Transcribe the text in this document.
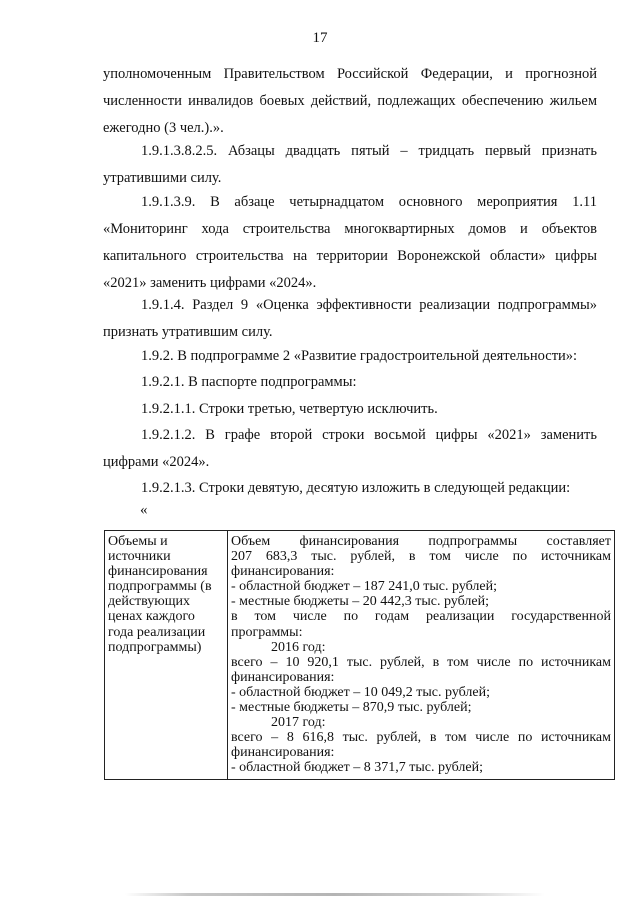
17
уполномоченным Правительством Российской Федерации, и прогнозной
численности инвалидов боевых действий, подлежащих обеспечению жильем
ежегодно (3 чел.).».
1.9.1.3.8.2.5. Абзацы двадцать пятый – тридцать первый признать
утратившими силу.
1.9.1.3.9. В абзаце четырнадцатом основного мероприятия 1.11
«Мониторинг хода строительства многоквартирных домов и объектов
капитального строительства на территории Воронежской области» цифры
«2021» заменить цифрами «2024».
1.9.1.4. Раздел 9 «Оценка эффективности реализации подпрограммы»
признать утратившим силу.
1.9.2. В подпрограмме 2 «Развитие градостроительной деятельности»:
1.9.2.1. В паспорте подпрограммы:
1.9.2.1.1. Строки третью, четвертую исключить.
1.9.2.1.2. В графе второй строки восьмой цифры «2021» заменить
цифрами «2024».
1.9.2.1.3. Строки девятую, десятую изложить в следующей редакции:
«
Объемы и
источники
финансирования
подпрограммы (в
действующих
ценах каждого
года реализации
подпрограммы)

Объем финансирования подпрограммы составляет
207 683,3 тыс. рублей, в том числе по источникам
финансирования:
- областной бюджет – 187 241,0 тыс. рублей;
- местные бюджеты – 20 442,3 тыс. рублей;
в том числе по годам реализации государственной
программы:
2016 год:
всего – 10 920,1 тыс. рублей, в том числе по источникам
финансирования:
- областной бюджет – 10 049,2 тыс. рублей;
- местные бюджеты – 870,9 тыс. рублей;
2017 год:
всего – 8 616,8 тыс. рублей, в том числе по источникам
финансирования:
- областной бюджет – 8 371,7 тыс. рублей;
